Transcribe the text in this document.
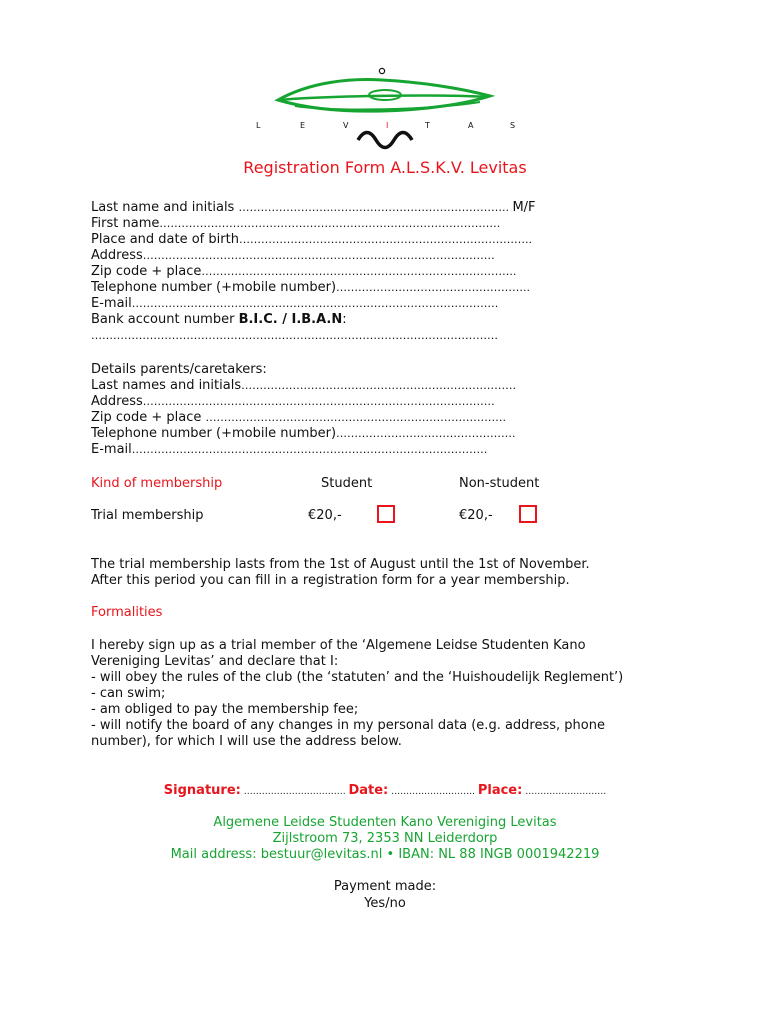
L	E	V	I	T	A	S
Registration Form A.L.S.K.V. Levitas
Last name and initials ……………………..…….………………………………….. M/F
First name…………………………………………………………………………………
Place and date of birth……………………………………………………………………..
Address……………………………………………………………………………………
Zip code + place…………………………………………………………………………..
Telephone number (+mobile number)……………………………………………..
E-mail……………………………………………………………………………………….
Bank account number B.I.C. / I.B.A.N:
…………………………………………………………………………………………………
Details parents/caretakers:
Last names and initials…………………………………………………………………
Address……………………………………………………………………………………
Zip code + place ……………………………………………………………………….
Telephone number (+mobile number)………………………………………….
E-mail…………………………………………………………………………………….
Kind of membership	Student	Non-student
Trial membership	€20,-	€20,-
The trial membership lasts from the 1st of August until the 1st of November.
After this period you can fill in a registration form for a year membership.
Formalities
I hereby sign up as a trial member of the ‘Algemene Leidse Studenten Kano
Vereniging Levitas’ and declare that I:
- will obey the rules of the club (the ‘statuten’ and the ‘Huishoudelijk Reglement’)
- can swim;
- am obliged to pay the membership fee;
- will notify the board of any changes in my personal data (e.g. address, phone
number), for which I will use the address below.
Signature: ……………………………. Date: ………………………. Place: ………………………
Algemene Leidse Studenten Kano Vereniging Levitas
Zijlstroom 73, 2353 NN Leiderdorp
Mail address: bestuur@levitas.nl • IBAN: NL 88 INGB 0001942219
Payment made:
Yes/no
